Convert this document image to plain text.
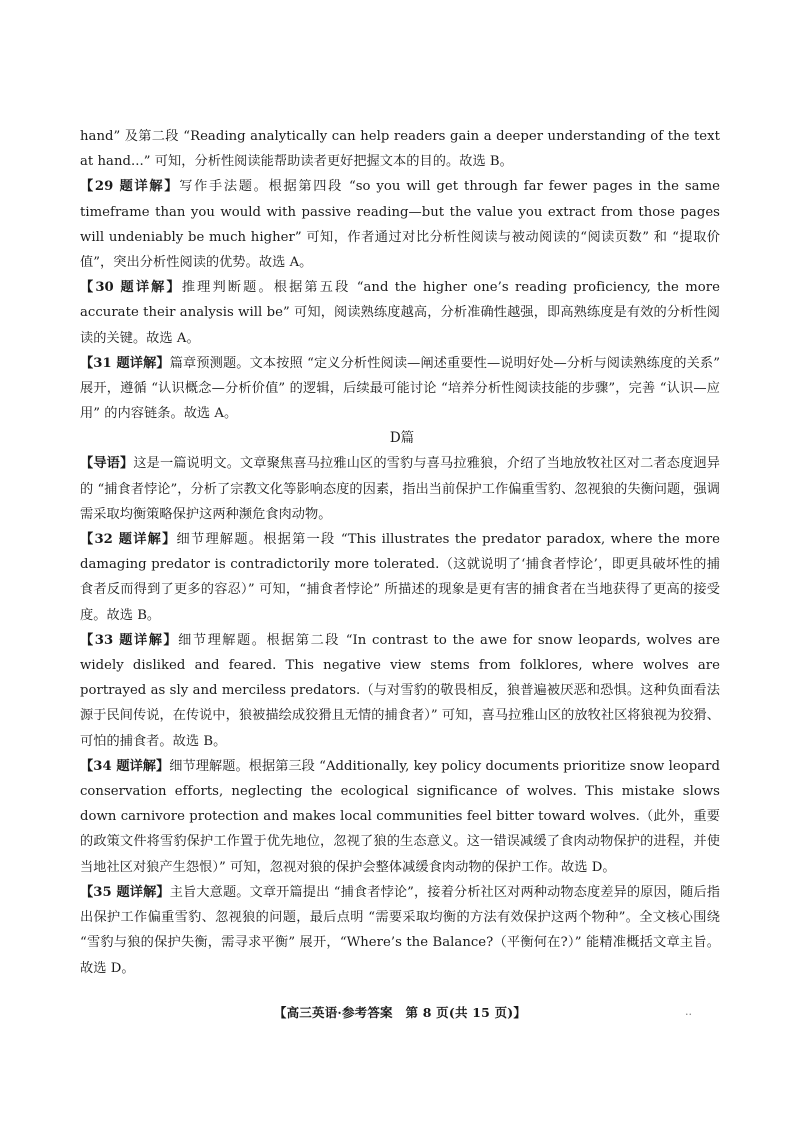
hand” 及第二段 “Reading analytically can help readers gain a deeper understanding of the text at hand...” 可知，分析性阅读能帮助读者更好把握文本的目的。故选 B。

【29 题详解】写作手法题。根据第四段 “so you will get through far fewer pages in the same timeframe than you would with passive reading—but the value you extract from those pages will undeniably be much higher” 可知，作者通过对比分析性阅读与被动阅读的“阅读页数” 和 “提取价值”，突出分析性阅读的优势。故选 A。

【30 题详解】推理判断题。根据第五段 “and the higher one’s reading proficiency, the more accurate their analysis will be” 可知，阅读熟练度越高，分析准确性越强，即高熟练度是有效的分析性阅读的关键。故选 A。

【31 题详解】篇章预测题。文本按照 “定义分析性阅读—阐述重要性—说明好处—分析与阅读熟练度的关系” 展开，遵循 “认识概念—分析价值” 的逻辑，后续最可能讨论 “培养分析性阅读技能的步骤”，完善 “认识—应用” 的内容链条。故选 A。

D篇

【导语】这是一篇说明文。文章聚焦喜马拉雅山区的雪豹与喜马拉雅狼，介绍了当地放牧社区对二者态度迥异的 “捕食者悖论”，分析了宗教文化等影响态度的因素，指出当前保护工作偏重雪豹、忽视狼的失衡问题，强调需采取均衡策略保护这两种濒危食肉动物。

【32 题详解】细节理解题。根据第一段 “This illustrates the predator paradox, where the more damaging predator is contradictorily more tolerated.（这就说明了‘捕食者悖论’，即更具破坏性的捕食者反而得到了更多的容忍）” 可知，“捕食者悖论” 所描述的现象是更有害的捕食者在当地获得了更高的接受度。故选 B。

【33 题详解】细节理解题。根据第二段 “In contrast to the awe for snow leopards, wolves are widely disliked and feared. This negative view stems from folklores, where wolves are portrayed as sly and merciless predators.（与对雪豹的敬畏相反，狼普遍被厌恶和恐惧。这种负面看法源于民间传说，在传说中，狼被描绘成狡猾且无情的捕食者）” 可知，喜马拉雅山区的放牧社区将狼视为狡猾、可怕的捕食者。故选 B。

【34 题详解】细节理解题。根据第三段 “Additionally, key policy documents prioritize snow leopard conservation efforts, neglecting the ecological significance of wolves. This mistake slows down carnivore protection and makes local communities feel bitter toward wolves.（此外，重要的政策文件将雪豹保护工作置于优先地位，忽视了狼的生态意义。这一错误减缓了食肉动物保护的进程，并使当地社区对狼产生怨恨）” 可知，忽视对狼的保护会整体减缓食肉动物的保护工作。故选 D。

【35 题详解】主旨大意题。文章开篇提出 “捕食者悖论”，接着分析社区对两种动物态度差异的原因，随后指出保护工作偏重雪豹、忽视狼的问题，最后点明 “需要采取均衡的方法有效保护这两个物种”。全文核心围绕 “雪豹与狼的保护失衡，需寻求平衡” 展开，“Where’s the Balance?（平衡何在?）” 能精准概括文章主旨。故选 D。

【高三英语·参考答案　第 8 页(共 15 页)】	..
